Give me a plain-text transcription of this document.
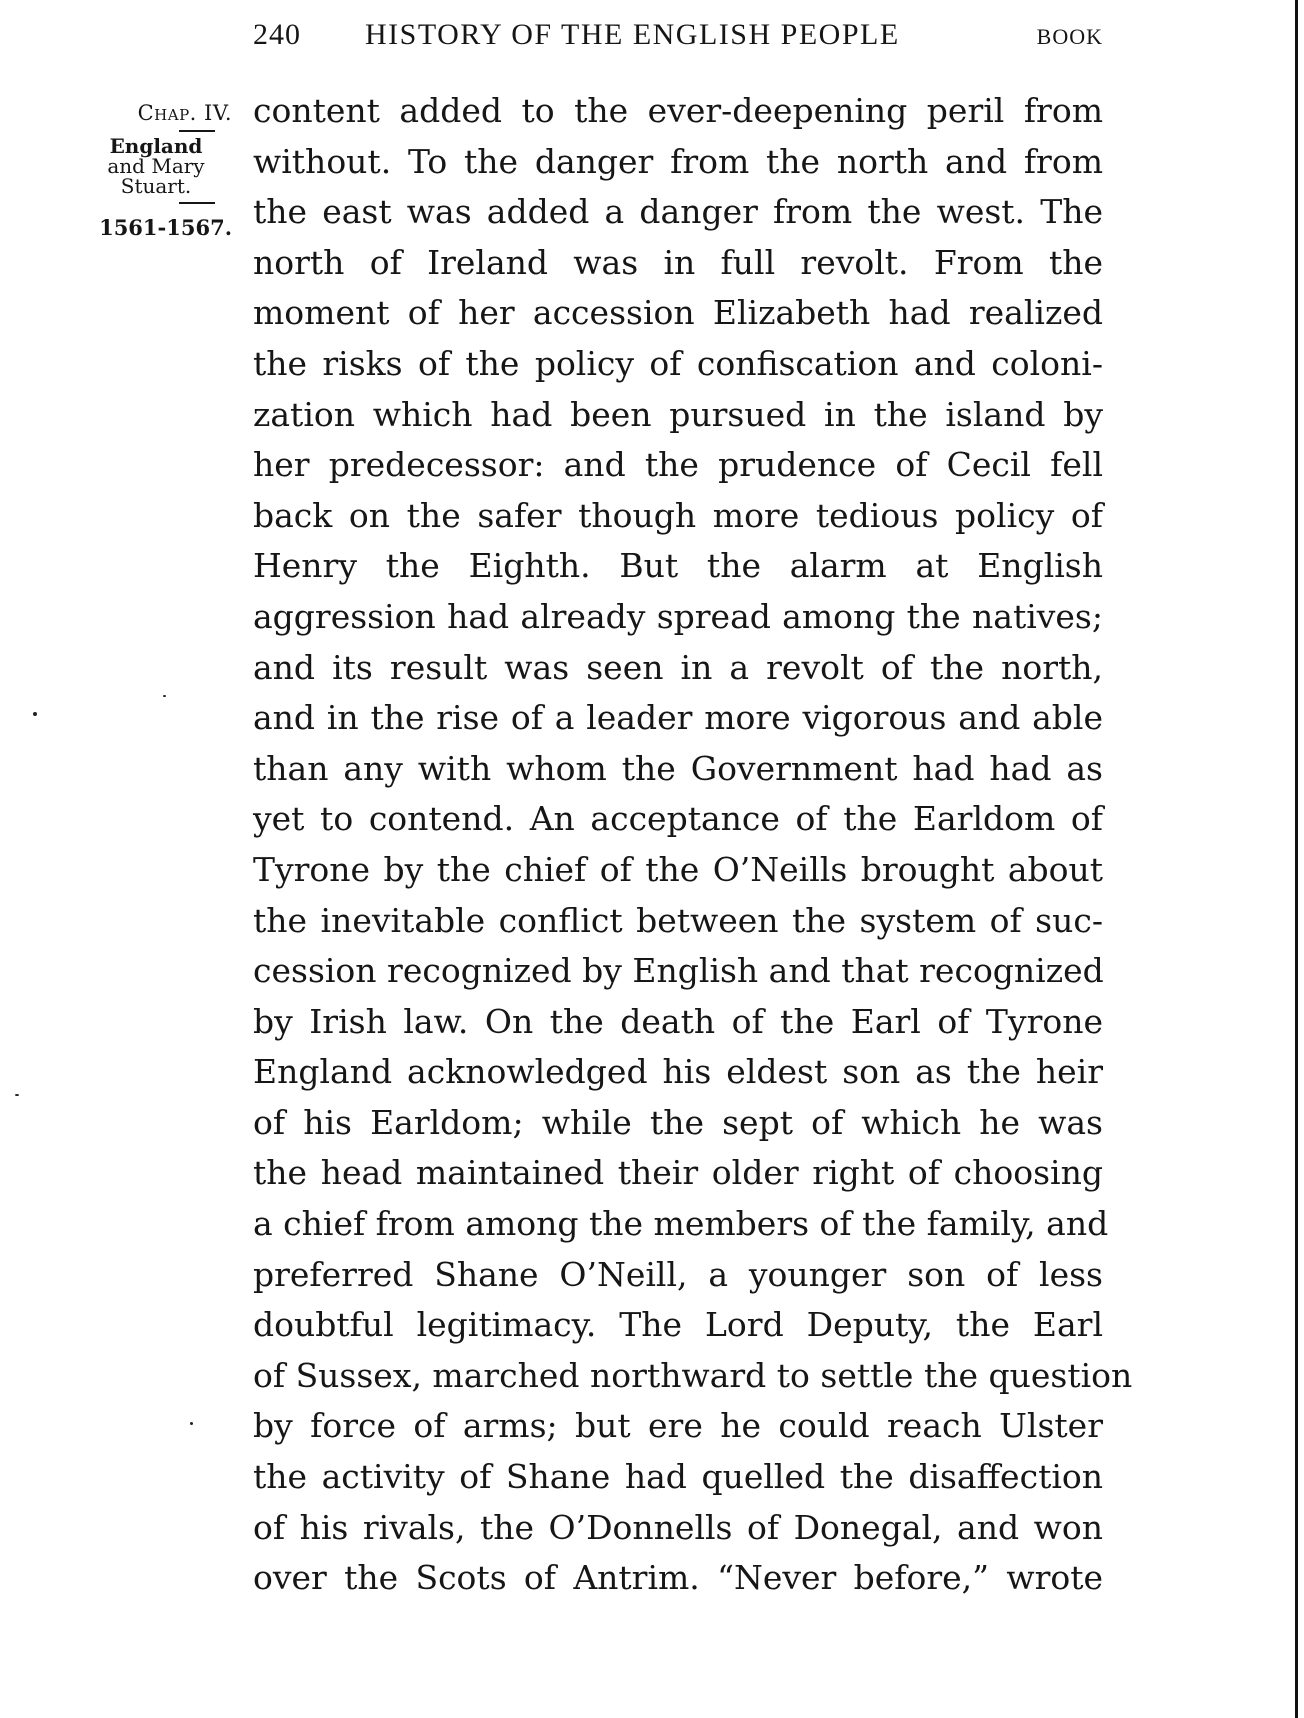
240 HISTORY OF THE ENGLISH PEOPLE	BOOK
Chap. IV.
England
and Mary
Stuart.
1561-1567.
content added to the ever-deepening peril from
without. To the danger from the north and from
the east was added a danger from the west. The
north of Ireland was in full revolt. From the
moment of her accession Elizabeth had realized
the risks of the policy of confiscation and coloni-
zation which had been pursued in the island by
her predecessor: and the prudence of Cecil fell
back on the safer though more tedious policy of
Henry the Eighth. But the alarm at English
aggression had already spread among the natives;
and its result was seen in a revolt of the north,
and in the rise of a leader more vigorous and able
than any with whom the Government had had as
yet to contend. An acceptance of the Earldom of
Tyrone by the chief of the O’Neills brought about
the inevitable conflict between the system of suc-
cession recognized by English and that recognized
by Irish law. On the death of the Earl of Tyrone
England acknowledged his eldest son as the heir
of his Earldom; while the sept of which he was
the head maintained their older right of choosing
a chief from among the members of the family, and
preferred Shane O’Neill, a younger son of less
doubtful legitimacy. The Lord Deputy, the Earl
of Sussex, marched northward to settle the question
by force of arms; but ere he could reach Ulster
the activity of Shane had quelled the disaffection
of his rivals, the O’Donnells of Donegal, and won
over the Scots of Antrim. “Never before,” wrote
